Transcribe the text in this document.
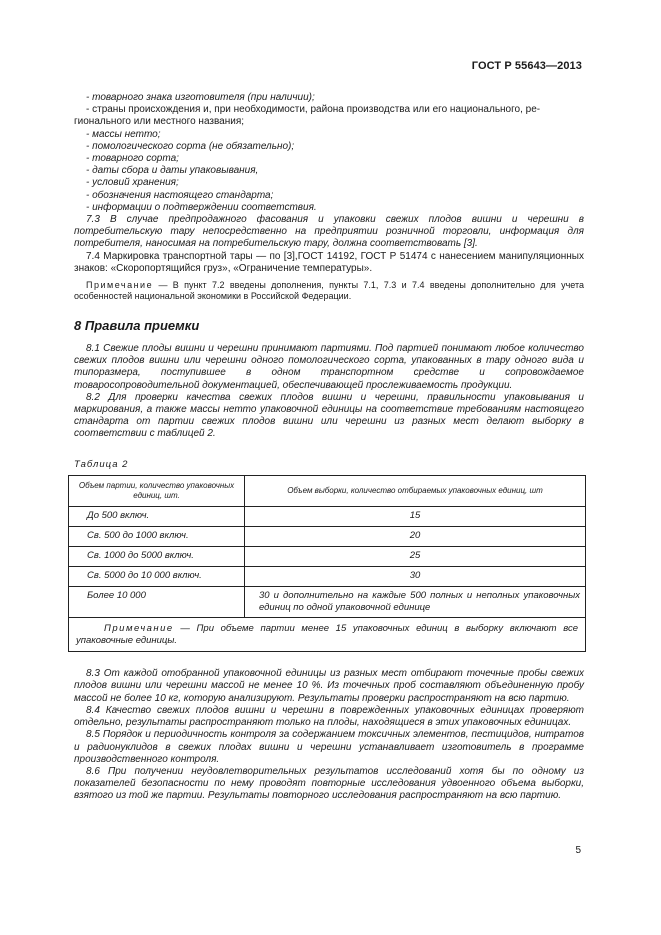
ГОСТ Р 55643—2013

- товарного знака изготовителя (при наличии);

- страны происхождения и, при необходимости, района производства или его национального, ре-

гионального или местного названия;

- массы нетто;

- помологического сорта (не обязательно);

- товарного сорта;

- даты сбора и даты упаковывания,

- условий хранения;

- обозначения настоящего стандарта;

- информации о подтверждении соответствия.

7.3 В случае предпродажного фасования и упаковки свежих плодов вишни и черешни в потребительскую тару непосредственно на предприятии розничной торговли, информация для потребителя, наносимая на потребительскую тару, должна соответствовать [3].

7.4 Маркировка транспортной тары — по [3],ГОСТ 14192, ГОСТ Р 51474 с нанесением манипуляционных знаков: «Скоропортящийся груз», «Ограничение температуры».

Примечание — В пункт 7.2 введены дополнения, пункты 7.1, 7.3 и 7.4 введены дополнительно для учета особенностей национальной экономики в Российской Федерации.

8 Правила приемки

8.1 Свежие плоды вишни и черешни принимают партиями. Под партией понимают любое количество свежих плодов вишни или черешни одного помологического сорта, упакованных в тару одного вида и типоразмера, поступившее в одном транспортном средстве и сопровождаемое товаросопроводительной документацией, обеспечивающей прослеживаемость продукции.

8.2 Для проверки качества свежих плодов вишни и черешни, правильности упаковывания и маркирования, а также массы нетто упаковочной единицы на соответствие требованиям настоящего стандарта от партии свежих плодов вишни или черешни из разных мест делают выборку в соответствии с таблицей 2.

Таблица 2

Объем партии, количество упаковочных единиц, шт.	Объем выборки, количество отбираемых упаковочных единиц, шт
До 500 включ.	15
Св. 500 до 1000 включ.	20
Св. 1000 до 5000 включ.	25
Св. 5000 до 10 000 включ.	30
Более 10 000	30 и дополнительно на каждые 500 полных и неполных упаковочных единиц по одной упаковочной единице
Примечание — При объеме партии менее 15 упаковочных единиц в выборку включают все упаковочные единицы.	

8.3 От каждой отобранной упаковочной единицы из разных мест отбирают точечные пробы свежих плодов вишни или черешни массой не менее 10 %. Из точечных проб составляют объединенную пробу массой не более 10 кг, которую анализируют. Результаты проверки распространяют на всю партию.

8.4 Качество свежих плодов вишни и черешни в поврежденных упаковочных единицах проверяют отдельно, результаты распространяют только на плоды, находящиеся в этих упаковочных единицах.

8.5 Порядок и периодичность контроля за содержанием токсичных элементов, пестицидов, нитратов и радионуклидов в свежих плодах вишни и черешни устанавливает изготовитель в программе производственного контроля.

8.6 При получении неудовлетворительных результатов исследований хотя бы по одному из показателей безопасности по нему проводят повторные исследования удвоенного объема выборки, взятого из той же партии. Результаты повторного исследования распространяют на всю партию.

5
